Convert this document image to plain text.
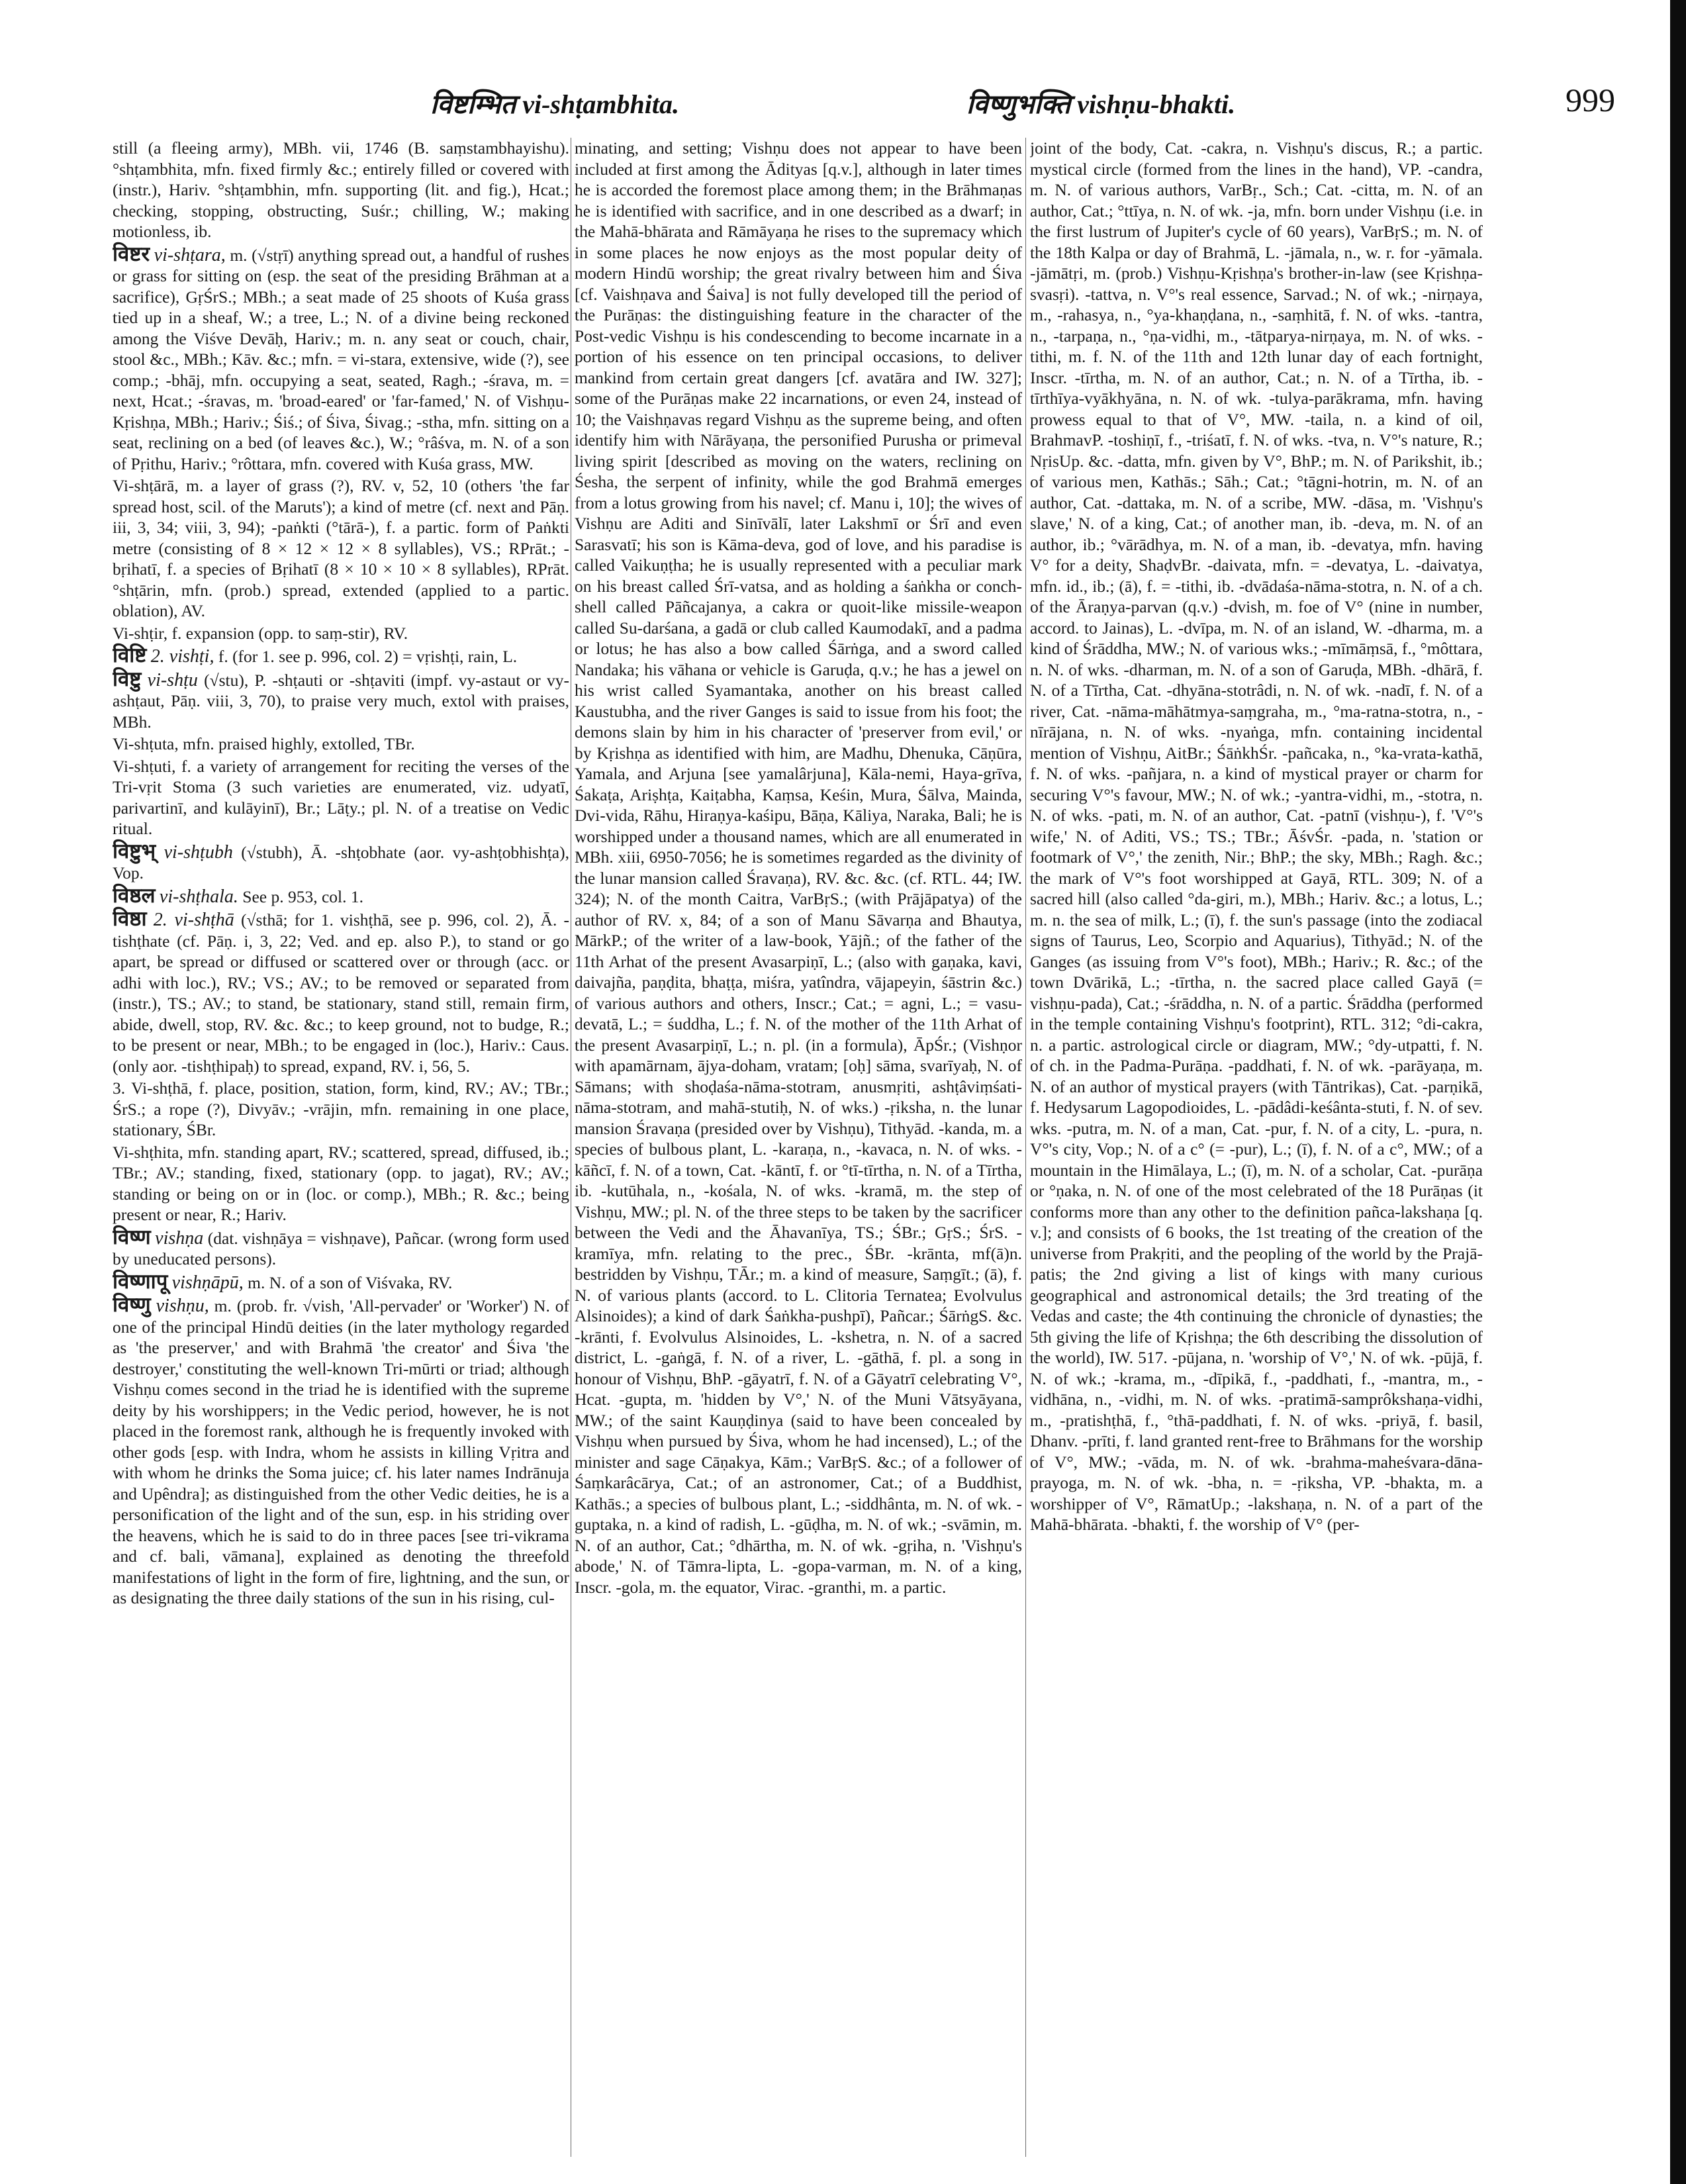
विष्टम्भित vi-shṭambhita.	विष्णुभक्ति vishṇu-bhakti.	999

still (a fleeing army), MBh. vii, 1746 (B. saṃstambhayishu). °shṭambhita, mfn. fixed firmly &c.; entirely filled or covered with (instr.), Hariv. °shṭambhin, mfn. supporting (lit. and fig.), Hcat.; checking, stopping, obstructing, Suśr.; chilling, W.; making motionless, ib.

विष्टर vi-shṭara, m. (√stṛī) anything spread out, a handful of rushes or grass for sitting on (esp. the seat of the presiding Brāhman at a sacrifice), GṛŚrS.; MBh.; a seat made of 25 shoots of Kuśa grass tied up in a sheaf, W.; a tree, L.; N. of a divine being reckoned among the Viśve Devāḥ, Hariv.; m. n. any seat or couch, chair, stool &c., MBh.; Kāv. &c.; mfn. = vi-stara, extensive, wide (?), see comp.; -bhāj, mfn. occupying a seat, seated, Ragh.; -śrava, m. = next, Hcat.; -śravas, m. 'broad-eared' or 'far-famed,' N. of Vishṇu-Kṛishṇa, MBh.; Hariv.; Śiś.; of Śiva, Śivag.; -stha, mfn. sitting on a seat, reclining on a bed (of leaves &c.), W.; °râśva, m. N. of a son of Pṛithu, Hariv.; °rôttara, mfn. covered with Kuśa grass, MW.

Vi-shṭārā, m. a layer of grass (?), RV. v, 52, 10 (others 'the far spread host, scil. of the Maruts'); a kind of metre (cf. next and Pāṇ. iii, 3, 34; viii, 3, 94); -paṅkti (°tārā-), f. a partic. form of Paṅkti metre (consisting of 8 × 12 × 12 × 8 syllables), VS.; RPrāt.; -bṛihatī, f. a species of Bṛihatī (8 × 10 × 10 × 8 syllables), RPrāt. °shṭārin, mfn. (prob.) spread, extended (applied to a partic. oblation), AV.

Vi-shṭir, f. expansion (opp. to saṃ-stir), RV.

विष्टि 2. vishṭi, f. (for 1. see p. 996, col. 2) = vṛishṭi, rain, L.

विष्टु vi-shṭu (√stu), P. -shṭauti or -shṭaviti (impf. vy-astaut or vy-ashṭaut, Pāṇ. viii, 3, 70), to praise very much, extol with praises, MBh.

Vi-shṭuta, mfn. praised highly, extolled, TBr.

Vi-shṭuti, f. a variety of arrangement for reciting the verses of the Tri-vṛit Stoma (3 such varieties are enumerated, viz. udyatī, parivartinī, and kulāyinī), Br.; Lāṭy.; pl. N. of a treatise on Vedic ritual.

विष्टुभ् vi-shṭubh (√stubh), Ā. -shṭobhate (aor. vy-ashṭobhishṭa), Vop.

विष्ठल vi-shṭhala. See p. 953, col. 1.

विष्ठा 2. vi-shṭhā (√sthā; for 1. vishṭhā, see p. 996, col. 2), Ā. -tishṭhate (cf. Pāṇ. i, 3, 22; Ved. and ep. also P.), to stand or go apart, be spread or diffused or scattered over or through (acc. or adhi with loc.), RV.; VS.; AV.; to be removed or separated from (instr.), TS.; AV.; to stand, be stationary, stand still, remain firm, abide, dwell, stop, RV. &c. &c.; to keep ground, not to budge, R.; to be present or near, MBh.; to be engaged in (loc.), Hariv.: Caus. (only aor. -tishṭhipaḥ) to spread, expand, RV. i, 56, 5.

3. Vi-shṭhā, f. place, position, station, form, kind, RV.; AV.; TBr.; ŚrS.; a rope (?), Divyāv.; -vrājin, mfn. remaining in one place, stationary, ŚBr.

Vi-shṭhita, mfn. standing apart, RV.; scattered, spread, diffused, ib.; TBr.; AV.; standing, fixed, stationary (opp. to jagat), RV.; AV.; standing or being on or in (loc. or comp.), MBh.; R. &c.; being present or near, R.; Hariv.

विष्ण vishṇa (dat. vishṇāya = vishṇave), Pañcar. (wrong form used by uneducated persons).

विष्णापू vishṇāpū, m. N. of a son of Viśvaka, RV.

विष्णु vishṇu, m. (prob. fr. √vish, 'All-pervader' or 'Worker') N. of one of the principal Hindū deities (in the later mythology regarded as 'the preserver,' and with Brahmā 'the creator' and Śiva 'the destroyer,' constituting the well-known Tri-mūrti or triad; although Vishṇu comes second in the triad he is identified with the supreme deity by his worshippers; in the Vedic period, however, he is not placed in the foremost rank, although he is frequently invoked with other gods [esp. with Indra, whom he assists in killing Vṛitra and with whom he drinks the Soma juice; cf. his later names Indrānuja and Upêndra]; as distinguished from the other Vedic deities, he is a personification of the light and of the sun, esp. in his striding over the heavens, which he is said to do in three paces [see tri-vikrama and cf. bali, vāmana], explained as denoting the threefold manifestations of light in the form of fire, lightning, and the sun, or as designating the three daily stations of the sun in his rising, cul-

minating, and setting; Vishṇu does not appear to have been included at first among the Ādityas [q.v.], although in later times he is accorded the foremost place among them; in the Brāhmaṇas he is identified with sacrifice, and in one described as a dwarf; in the Mahā-bhārata and Rāmāyaṇa he rises to the supremacy which in some places he now enjoys as the most popular deity of modern Hindū worship; the great rivalry between him and Śiva [cf. Vaishṇava and Śaiva] is not fully developed till the period of the Purāṇas: the distinguishing feature in the character of the Post-vedic Vishṇu is his condescending to become incarnate in a portion of his essence on ten principal occasions, to deliver mankind from certain great dangers [cf. avatāra and IW. 327]; some of the Purāṇas make 22 incarnations, or even 24, instead of 10; the Vaishṇavas regard Vishṇu as the supreme being, and often identify him with Nārāyaṇa, the personified Purusha or primeval living spirit [described as moving on the waters, reclining on Śesha, the serpent of infinity, while the god Brahmā emerges from a lotus growing from his navel; cf. Manu i, 10]; the wives of Vishṇu are Aditi and Sinīvālī, later Lakshmī or Śrī and even Sarasvatī; his son is Kāma-deva, god of love, and his paradise is called Vaikuṇṭha; he is usually represented with a peculiar mark on his breast called Śrī-vatsa, and as holding a śaṅkha or conch-shell called Pāñcajanya, a cakra or quoit-like missile-weapon called Su-darśana, a gadā or club called Kaumodakī, and a padma or lotus; he has also a bow called Śārṅga, and a sword called Nandaka; his vāhana or vehicle is Garuḍa, q.v.; he has a jewel on his wrist called Syamantaka, another on his breast called Kaustubha, and the river Ganges is said to issue from his foot; the demons slain by him in his character of 'preserver from evil,' or by Kṛishṇa as identified with him, are Madhu, Dhenuka, Cāṇūra, Yamala, and Arjuna [see yamalârjuna], Kāla-nemi, Haya-grīva, Śakaṭa, Ariṣhṭa, Kaiṭabha, Kaṃsa, Keśin, Mura, Śālva, Mainda, Dvi-vida, Rāhu, Hiraṇya-kaśipu, Bāṇa, Kāliya, Naraka, Bali; he is worshipped under a thousand names, which are all enumerated in MBh. xiii, 6950-7056; he is sometimes regarded as the divinity of the lunar mansion called Śravaṇa), RV. &c. &c. (cf. RTL. 44; IW. 324); N. of the month Caitra, VarBṛS.; (with Prājāpatya) of the author of RV. x, 84; of a son of Manu Sāvarṇa and Bhautya, MārkP.; of the writer of a law-book, Yājñ.; of the father of the 11th Arhat of the present Avasarpiṇī, L.; (also with gaṇaka, kavi, daivajña, paṇḍita, bhaṭṭa, miśra, yatîndra, vājapeyin, śāstrin &c.) of various authors and others, Inscr.; Cat.; = agni, L.; = vasu-devatā, L.; = śuddha, L.; f. N. of the mother of the 11th Arhat of the present Avasarpiṇī, L.; n. pl. (in a formula), ĀpŚr.; (Vishṇor with apamārnam, ājya-doham, vratam; [oḥ] sāma, svarīyaḥ, N. of Sāmans; with shoḍaśa-nāma-stotram, anusmṛiti, ashṭâviṃśati-nāma-stotram, and mahā-stutiḥ, N. of wks.) -ṛiksha, n. the lunar mansion Śravaṇa (presided over by Vishṇu), Tithyād. -kanda, m. a species of bulbous plant, L. -karaṇa, n., -kavaca, n. N. of wks. -kāñcī, f. N. of a town, Cat. -kāntī, f. or °tī-tīrtha, n. N. of a Tīrtha, ib. -kutūhala, n., -kośala, N. of wks. -kramā, m. the step of Vishṇu, MW.; pl. N. of the three steps to be taken by the sacrificer between the Vedi and the Āhavanīya, TS.; ŚBr.; GṛS.; ŚrS. -kramīya, mfn. relating to the prec., ŚBr. -krānta, mf(ā)n. bestridden by Vishṇu, TĀr.; m. a kind of measure, Saṃgīt.; (ā), f. N. of various plants (accord. to L. Clitoria Ternatea; Evolvulus Alsinoides); a kind of dark Śaṅkha-pushpī), Pañcar.; ŚārṅgS. &c. -krānti, f. Evolvulus Alsinoides, L. -kshetra, n. N. of a sacred district, L. -gaṅgā, f. N. of a river, L. -gāthā, f. pl. a song in honour of Vishṇu, BhP. -gāyatrī, f. N. of a Gāyatrī celebrating V°, Hcat. -gupta, m. 'hidden by V°,' N. of the Muni Vātsyāyana, MW.; of the saint Kauṇḍinya (said to have been concealed by Vishṇu when pursued by Śiva, whom he had incensed), L.; of the minister and sage Cāṇakya, Kām.; VarBṛS. &c.; of a follower of Śaṃkarâcārya, Cat.; of an astronomer, Cat.; of a Buddhist, Kathās.; a species of bulbous plant, L.; -siddhânta, m. N. of wk. -guptaka, n. a kind of radish, L. -gūḍha, m. N. of wk.; -svāmin, m. N. of an author, Cat.; °dhārtha, m. N. of wk. -gṛiha, n. 'Vishṇu's abode,' N. of Tāmra-lipta, L. -gopa-varman, m. N. of a king, Inscr. -gola, m. the equator, Virac. -granthi, m. a partic.

joint of the body, Cat. -cakra, n. Vishṇu's discus, R.; a partic. mystical circle (formed from the lines in the hand), VP. -candra, m. N. of various authors, VarBṛ., Sch.; Cat. -citta, m. N. of an author, Cat.; °ttīya, n. N. of wk. -ja, mfn. born under Vishṇu (i.e. in the first lustrum of Jupiter's cycle of 60 years), VarBṛS.; m. N. of the 18th Kalpa or day of Brahmā, L. -jāmala, n., w. r. for -yāmala. -jāmātṛi, m. (prob.) Vishṇu-Kṛishṇa's brother-in-law (see Kṛishṇa-svasṛi). -tattva, n. V°'s real essence, Sarvad.; N. of wk.; -nirṇaya, m., -rahasya, n., °ya-khaṇḍana, n., -saṃhitā, f. N. of wks. -tantra, n., -tarpaṇa, n., °ṇa-vidhi, m., -tātparya-nirṇaya, m. N. of wks. -tithi, m. f. N. of the 11th and 12th lunar day of each fortnight, Inscr. -tīrtha, m. N. of an author, Cat.; n. N. of a Tīrtha, ib. -tīrthīya-vyākhyāna, n. N. of wk. -tulya-parākrama, mfn. having prowess equal to that of V°, MW. -taila, n. a kind of oil, BrahmavP. -toshiṇī, f., -triśatī, f. N. of wks. -tva, n. V°'s nature, R.; NṛisUp. &c. -datta, mfn. given by V°, BhP.; m. N. of Parikshit, ib.; of various men, Kathās.; Sāh.; Cat.; °tāgni-hotrin, m. N. of an author, Cat. -dattaka, m. N. of a scribe, MW. -dāsa, m. 'Vishṇu's slave,' N. of a king, Cat.; of another man, ib. -deva, m. N. of an author, ib.; °vārādhya, m. N. of a man, ib. -devatya, mfn. having V° for a deity, ShaḍvBr. -daivata, mfn. = -devatya, L. -daivatya, mfn. id., ib.; (ā), f. = -tithi, ib. -dvādaśa-nāma-stotra, n. N. of a ch. of the Āraṇya-parvan (q.v.) -dvish, m. foe of V° (nine in number, accord. to Jainas), L. -dvīpa, m. N. of an island, W. -dharma, m. a kind of Śrāddha, MW.; N. of various wks.; -mīmāṃsā, f., °môttara, n. N. of wks. -dharman, m. N. of a son of Garuḍa, MBh. -dhārā, f. N. of a Tīrtha, Cat. -dhyāna-stotrâdi, n. N. of wk. -nadī, f. N. of a river, Cat. -nāma-māhātmya-saṃgraha, m., °ma-ratna-stotra, n., -nīrājana, n. N. of wks. -nyaṅga, mfn. containing incidental mention of Vishṇu, AitBr.; ŚāṅkhŚr. -pañcaka, n., °ka-vrata-kathā, f. N. of wks. -pañjara, n. a kind of mystical prayer or charm for securing V°'s favour, MW.; N. of wk.; -yantra-vidhi, m., -stotra, n. N. of wks. -pati, m. N. of an author, Cat. -patnī (vishṇu-), f. 'V°'s wife,' N. of Aditi, VS.; TS.; TBr.; ĀśvŚr. -pada, n. 'station or footmark of V°,' the zenith, Nir.; BhP.; the sky, MBh.; Ragh. &c.; the mark of V°'s foot worshipped at Gayā, RTL. 309; N. of a sacred hill (also called °da-giri, m.), MBh.; Hariv. &c.; a lotus, L.; m. n. the sea of milk, L.; (ī), f. the sun's passage (into the zodiacal signs of Taurus, Leo, Scorpio and Aquarius), Tithyād.; N. of the Ganges (as issuing from V°'s foot), MBh.; Hariv.; R. &c.; of the town Dvārikā, L.; -tīrtha, n. the sacred place called Gayā (= vishṇu-pada), Cat.; -śrāddha, n. N. of a partic. Śrāddha (performed in the temple containing Vishṇu's footprint), RTL. 312; °di-cakra, n. a partic. astrological circle or diagram, MW.; °dy-utpatti, f. N. of ch. in the Padma-Purāṇa. -paddhati, f. N. of wk. -parāyaṇa, m. N. of an author of mystical prayers (with Tāntrikas), Cat. -parṇikā, f. Hedysarum Lagopodioides, L. -pādâdi-keśânta-stuti, f. N. of sev. wks. -putra, m. N. of a man, Cat. -pur, f. N. of a city, L. -pura, n. V°'s city, Vop.; N. of a c° (= -pur), L.; (ī), f. N. of a c°, MW.; of a mountain in the Himālaya, L.; (ī), m. N. of a scholar, Cat. -purāṇa or °ṇaka, n. N. of one of the most celebrated of the 18 Purāṇas (it conforms more than any other to the definition pañca-lakshaṇa [q. v.]; and consists of 6 books, the 1st treating of the creation of the universe from Prakṛiti, and the peopling of the world by the Prajā-patis; the 2nd giving a list of kings with many curious geographical and astronomical details; the 3rd treating of the Vedas and caste; the 4th continuing the chronicle of dynasties; the 5th giving the life of Kṛishṇa; the 6th describing the dissolution of the world), IW. 517. -pūjana, n. 'worship of V°,' N. of wk. -pūjā, f. N. of wk.; -krama, m., -dīpikā, f., -paddhati, f., -mantra, m., -vidhāna, n., -vidhi, m. N. of wks. -pratimā-samprôkshaṇa-vidhi, m., -pratishṭhā, f., °thā-paddhati, f. N. of wks. -priyā, f. basil, Dhanv. -prīti, f. land granted rent-free to Brāhmans for the worship of V°, MW.; -vāda, m. N. of wk. -brahma-maheśvara-dāna-prayoga, m. N. of wk. -bha, n. = -ṛiksha, VP. -bhakta, m. a worshipper of V°, RāmatUp.; -lakshaṇa, n. N. of a part of the Mahā-bhārata. -bhakti, f. the worship of V° (per-
